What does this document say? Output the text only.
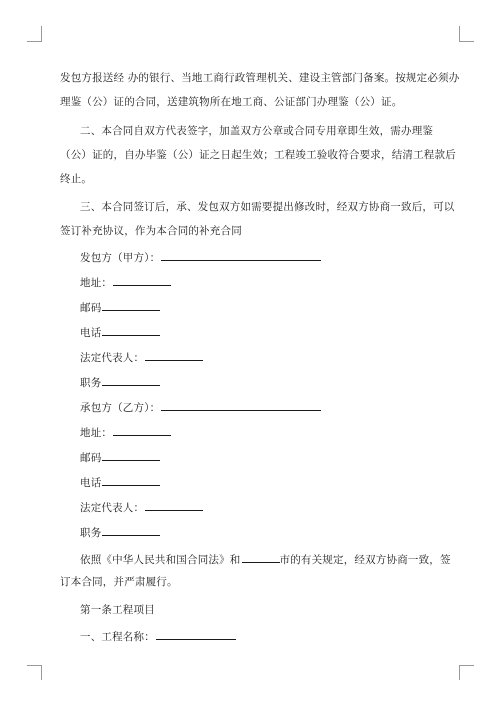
发包方报送经 办的银行、当地工商行政管理机关、建设主管部门备案。按规定必须办
理鉴（公）证的合同，送建筑物所在地工商、公证部门办理鉴（公）证。
二、本合同自双方代表签字，加盖双方公章或合同专用章即生效，需办理鉴
（公）证的，自办毕鉴（公）证之日起生效；工程竣工验收符合要求，结清工程款后
终止。
三、本合同签订后，承、发包双方如需要提出修改时，经双方协商一致后，可以
签订补充协议，作为本合同的补充合同
发包方（甲方）：
地址：
邮码
电话
法定代表人：
职务
承包方（乙方）：
地址：
邮码
电话
法定代表人：
职务
依照《中华人民共和国合同法》和	市的有关规定，经双方协商一致，签
订本合同，并严肃履行。
第一条工程项目
一、工程名称：
